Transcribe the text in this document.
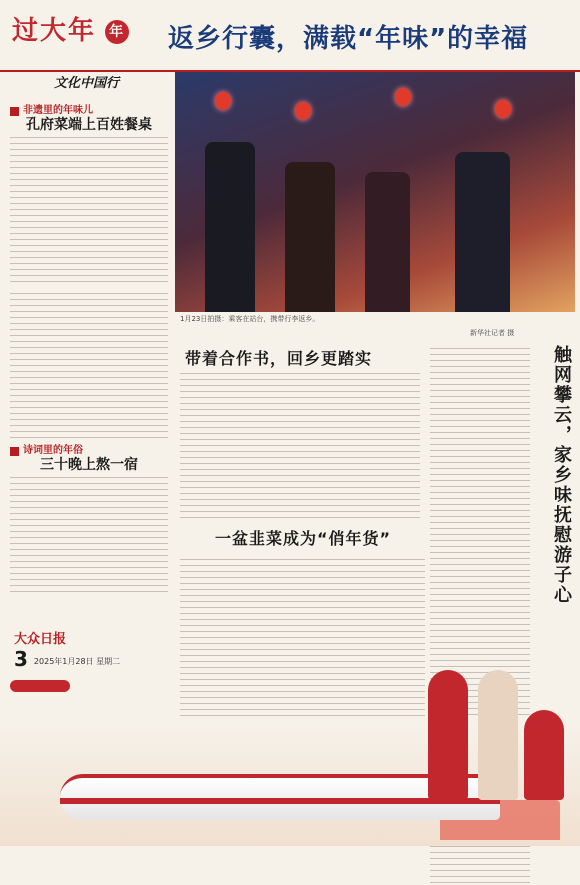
过大年 年	返乡行囊，满载“年味”的幸福
文化中国行
非遗里的年味儿
孔府菜端上百姓餐桌
诗词里的年俗
三十晚上熬一宿
1月23日拍摄：乘客在站台，携带行李返乡。
新华社记者 摄
带着合作书，回乡更踏实	触网攀云，家乡味抚慰游子心
一盆韭菜成为“俏年货”
大众日报
3 2025年1月28日 星期二
